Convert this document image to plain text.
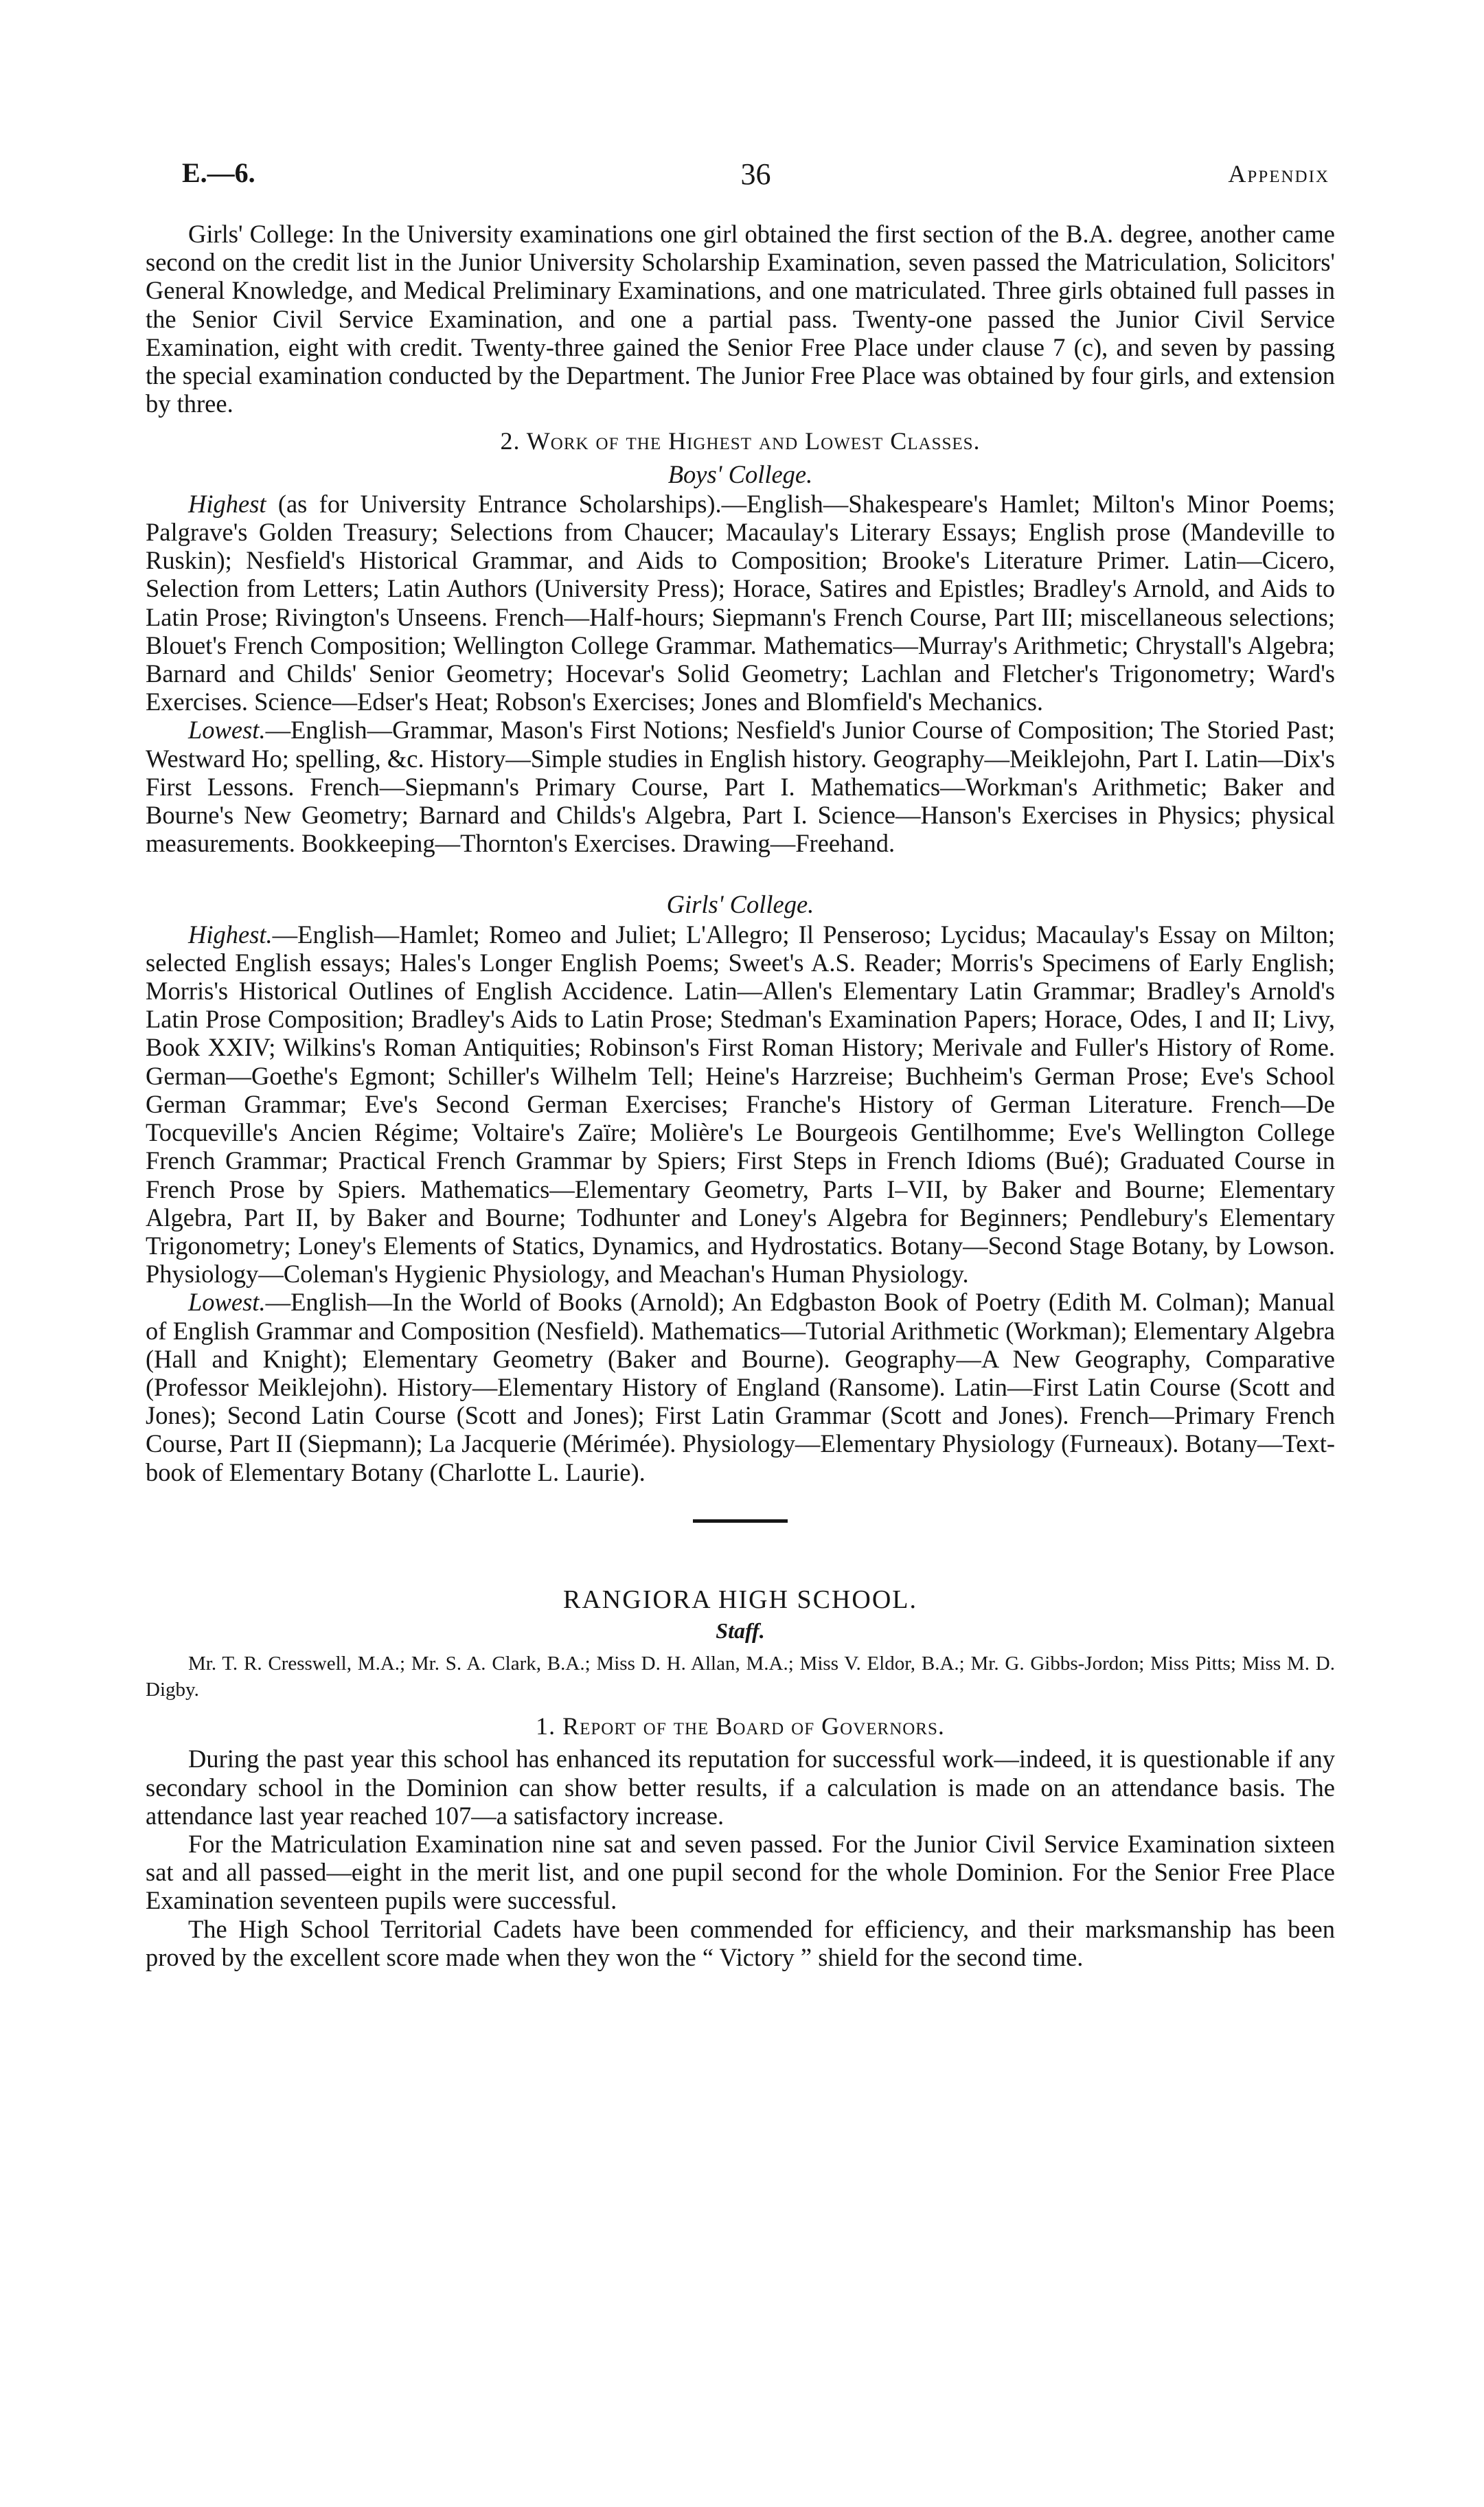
E.—6.	36	Appendix

Girls' College: In the University examinations one girl obtained the first section of the B.A. degree, another came second on the credit list in the Junior University Scholarship Examination, seven passed the Matriculation, Solicitors' General Knowledge, and Medical Preliminary Examinations, and one matriculated. Three girls obtained full passes in the Senior Civil Service Examination, and one a partial pass. Twenty-one passed the Junior Civil Service Examination, eight with credit. Twenty-three gained the Senior Free Place under clause 7 (c), and seven by passing the special examination conducted by the Department. The Junior Free Place was obtained by four girls, and extension by three.

2. Work of the Highest and Lowest Classes.
Boys' College.

Highest (as for University Entrance Scholarships).—English—Shakespeare's Hamlet; Milton's Minor Poems; Palgrave's Golden Treasury; Selections from Chaucer; Macaulay's Literary Essays; English prose (Mandeville to Ruskin); Nesfield's Historical Grammar, and Aids to Composition; Brooke's Literature Primer. Latin—Cicero, Selection from Letters; Latin Authors (University Press); Horace, Satires and Epistles; Bradley's Arnold, and Aids to Latin Prose; Rivington's Unseens. French—Half-hours; Siepmann's French Course, Part III; miscellaneous selections; Blouet's French Composition; Wellington College Grammar. Mathematics—Murray's Arithmetic; Chrystall's Algebra; Barnard and Childs' Senior Geometry; Hocevar's Solid Geometry; Lachlan and Fletcher's Trigonometry; Ward's Exercises. Science—Edser's Heat; Robson's Exercises; Jones and Blomfield's Mechanics.

Lowest.—English—Grammar, Mason's First Notions; Nesfield's Junior Course of Composition; The Storied Past; Westward Ho; spelling, &c. History—Simple studies in English history. Geography—Meiklejohn, Part I. Latin—Dix's First Lessons. French—Siepmann's Primary Course, Part I. Mathematics—Workman's Arithmetic; Baker and Bourne's New Geometry; Barnard and Childs's Algebra, Part I. Science—Hanson's Exercises in Physics; physical measurements. Bookkeeping—Thornton's Exercises. Drawing—Freehand.

Girls' College.

Highest.—English—Hamlet; Romeo and Juliet; L'Allegro; Il Penseroso; Lycidus; Macaulay's Essay on Milton; selected English essays; Hales's Longer English Poems; Sweet's A.S. Reader; Morris's Specimens of Early English; Morris's Historical Outlines of English Accidence. Latin—Allen's Elementary Latin Grammar; Bradley's Arnold's Latin Prose Composition; Bradley's Aids to Latin Prose; Stedman's Examination Papers; Horace, Odes, I and II; Livy, Book XXIV; Wilkins's Roman Antiquities; Robinson's First Roman History; Merivale and Fuller's History of Rome. German—Goethe's Egmont; Schiller's Wilhelm Tell; Heine's Harzreise; Buchheim's German Prose; Eve's School German Grammar; Eve's Second German Exercises; Franche's History of German Literature. French—De Tocqueville's Ancien Régime; Voltaire's Zaïre; Molière's Le Bourgeois Gentilhomme; Eve's Wellington College French Grammar; Practical French Grammar by Spiers; First Steps in French Idioms (Bué); Graduated Course in French Prose by Spiers. Mathematics—Elementary Geometry, Parts I–VII, by Baker and Bourne; Elementary Algebra, Part II, by Baker and Bourne; Todhunter and Loney's Algebra for Beginners; Pendlebury's Elementary Trigonometry; Loney's Elements of Statics, Dynamics, and Hydrostatics. Botany—Second Stage Botany, by Lowson. Physiology—Coleman's Hygienic Physiology, and Meachan's Human Physiology.

Lowest.—English—In the World of Books (Arnold); An Edgbaston Book of Poetry (Edith M. Colman); Manual of English Grammar and Composition (Nesfield). Mathematics—Tutorial Arithmetic (Workman); Elementary Algebra (Hall and Knight); Elementary Geometry (Baker and Bourne). Geography—A New Geography, Comparative (Professor Meiklejohn). History—Elementary History of England (Ransome). Latin—First Latin Course (Scott and Jones); Second Latin Course (Scott and Jones); First Latin Grammar (Scott and Jones). French—Primary French Course, Part II (Siepmann); La Jacquerie (Mérimée). Physiology—Elementary Physiology (Furneaux). Botany—Text-book of Elementary Botany (Charlotte L. Laurie).

RANGIORA HIGH SCHOOL.
Staff.

Mr. T. R. Cresswell, M.A.; Mr. S. A. Clark, B.A.; Miss D. H. Allan, M.A.; Miss V. Eldor, B.A.; Mr. G. Gibbs-Jordon; Miss Pitts; Miss M. D. Digby.

1. Report of the Board of Governors.

During the past year this school has enhanced its reputation for successful work—indeed, it is questionable if any secondary school in the Dominion can show better results, if a calculation is made on an attendance basis. The attendance last year reached 107—a satisfactory increase.

For the Matriculation Examination nine sat and seven passed. For the Junior Civil Service Examination sixteen sat and all passed—eight in the merit list, and one pupil second for the whole Dominion. For the Senior Free Place Examination seventeen pupils were successful.

The High School Territorial Cadets have been commended for efficiency, and their marksmanship has been proved by the excellent score made when they won the “ Victory ” shield for the second time.
